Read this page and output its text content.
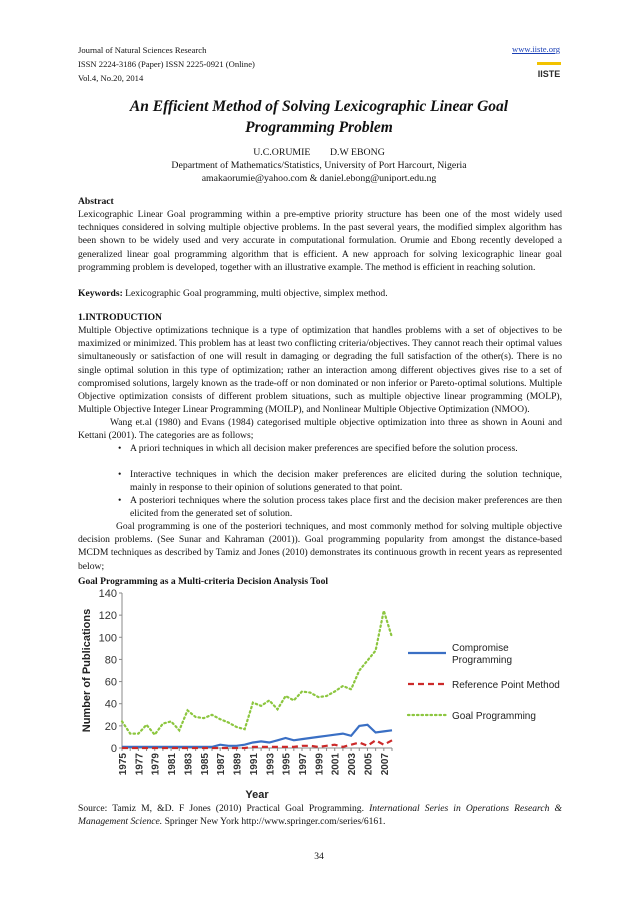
Journal of Natural Sciences Research
ISSN 2224-3186 (Paper) ISSN 2225-0921 (Online)
Vol.4, No.20, 2014
www.iiste.org
IISTE
An Efficient Method of Solving Lexicographic Linear Goal
Programming Problem
U.C.ORUMIE        D.W EBONG
Department of Mathematics/Statistics, University of Port Harcourt, Nigeria
amakaorumie@yahoo.com & daniel.ebong@uniport.edu.ng
Abstract
Lexicographic Linear Goal programming within a pre-emptive priority structure has been one of the most widely used techniques considered in solving multiple objective problems. In the past several years, the modified simplex algorithm has been shown to be widely used and very accurate in computational formulation. Orumie and Ebong recently developed a generalized linear goal programming algorithm that is efficient. A new approach for solving lexicographic linear goal programming problem is developed, together with an illustrative example. The method is efficient in reaching solution.
Keywords: Lexicographic Goal programming, multi objective, simplex method.
1.INTRODUCTION
Multiple Objective optimizations technique is a type of optimization that handles problems with a set of objectives to be maximized or minimized. This problem has at least two conflicting criteria/objectives. They cannot reach their optimal values simultaneously or satisfaction of one will result in damaging or degrading the full satisfaction of the other(s). There is no single optimal solution in this type of optimization; rather an interaction among different objectives gives rise to a set of compromised solutions, largely known as the trade-off or non dominated or non inferior or Pareto-optimal solutions. Multiple Objective optimization consists of different problem situations, such as multiple objective linear programming (MOLP), Multiple Objective Integer Linear Programming (MOILP), and Nonlinear Multiple Objective Optimization (NMOO).
Wang et.al (1980) and Evans (1984) categorised multiple objective optimization into three as shown in Aouni and Kettani (2001). The categories are as follows;
• A priori techniques in which all decision maker preferences are specified before the solution process.
• Interactive techniques in which the decision maker preferences are elicited during the solution technique, mainly in response to their opinion of solutions generated to that point.
• A posteriori techniques where the solution process takes place first and the decision maker preferences are then elicited from the generated set of solution.
Goal programming is one of the posteriori techniques, and most commonly method for solving multiple objective decision problems. (See Sunar and Kahraman (2001)). Goal programming popularity from amongst the distance-based MCDM techniques as described by Tamiz and Jones (2010) demonstrates its continuous growth in recent years as represented below;
Goal Programming as a Multi-criteria Decision Analysis Tool
0
20
40
60
80
100
120
140
1975 1977 1979 1981 1983 1985 1987 1989 1991 1993 1995 1997 1999 2001 2003 2005 2007
Year
Number of Publications	Compromise
Programming
Reference Point Method
Goal Programming
Source: Tamiz M, &D. F Jones (2010) Practical Goal Programming. International Series in Operations Research & Management Science. Springer New York http://www.springer.com/series/6161.
34
